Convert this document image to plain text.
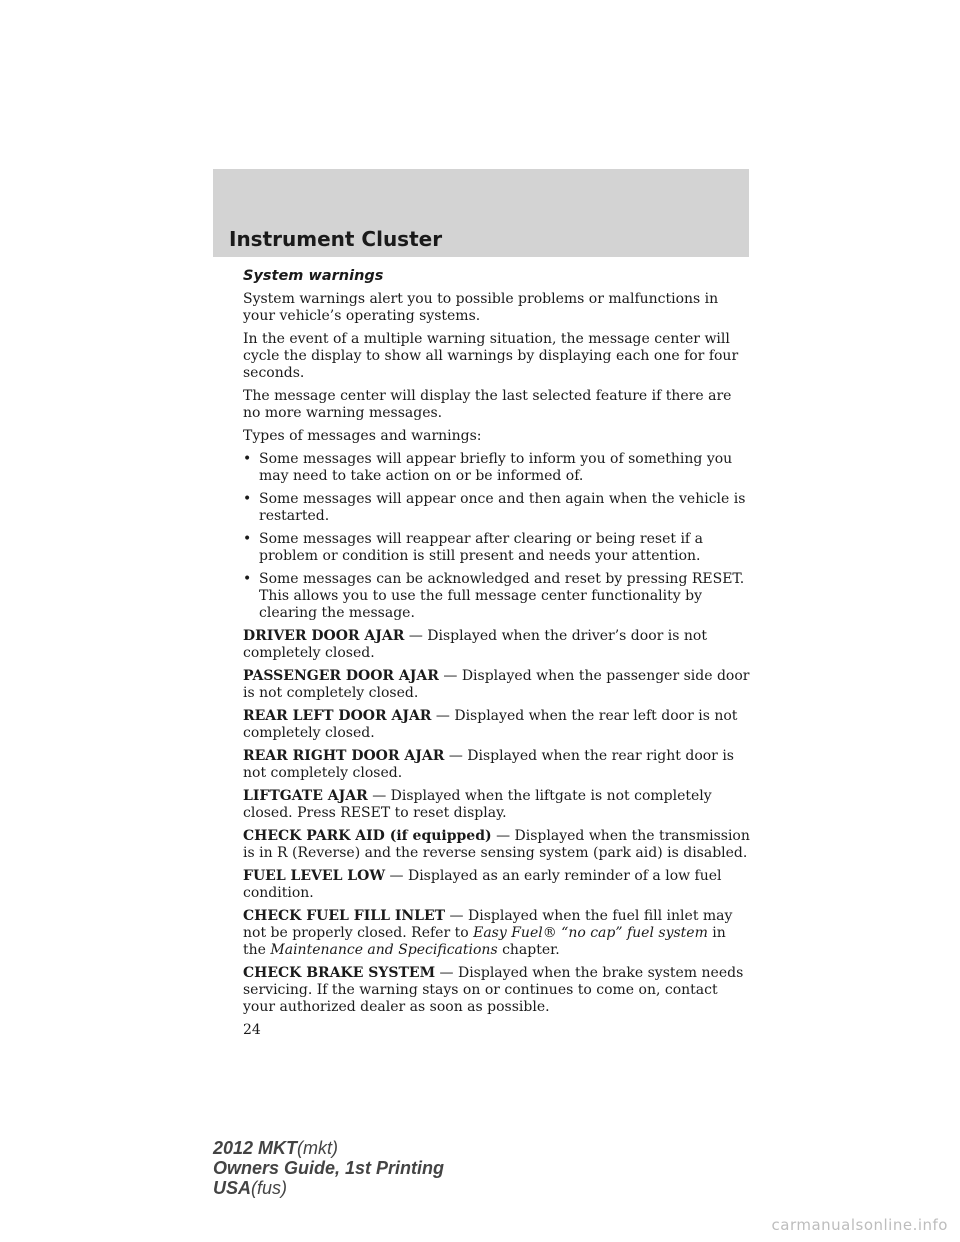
Instrument Cluster
System warnings

System warnings alert you to possible problems or malfunctions in your vehicle’s operating systems.

In the event of a multiple warning situation, the message center will cycle the display to show all warnings by displaying each one for four seconds.

The message center will display the last selected feature if there are no more warning messages.

Types of messages and warnings:

• Some messages will appear briefly to inform you of something you may need to take action on or be informed of.
• Some messages will appear once and then again when the vehicle is restarted.
• Some messages will reappear after clearing or being reset if a problem or condition is still present and needs your attention.
• Some messages can be acknowledged and reset by pressing RESET. This allows you to use the full message center functionality by clearing the message.

DRIVER DOOR AJAR — Displayed when the driver’s door is not completely closed.

PASSENGER DOOR AJAR — Displayed when the passenger side door is not completely closed.

REAR LEFT DOOR AJAR — Displayed when the rear left door is not completely closed.

REAR RIGHT DOOR AJAR — Displayed when the rear right door is not completely closed.

LIFTGATE AJAR — Displayed when the liftgate is not completely closed. Press RESET to reset display.

CHECK PARK AID (if equipped) — Displayed when the transmission is in R (Reverse) and the reverse sensing system (park aid) is disabled.

FUEL LEVEL LOW — Displayed as an early reminder of a low fuel condition.

CHECK FUEL FILL INLET — Displayed when the fuel fill inlet may not be properly closed. Refer to Easy Fuel® “no cap” fuel system in the Maintenance and Specifications chapter.

CHECK BRAKE SYSTEM — Displayed when the brake system needs servicing. If the warning stays on or continues to come on, contact your authorized dealer as soon as possible.

24
2012 MKT(mkt)
Owners Guide, 1st Printing
USA(fus)
carmanualsonline.info
